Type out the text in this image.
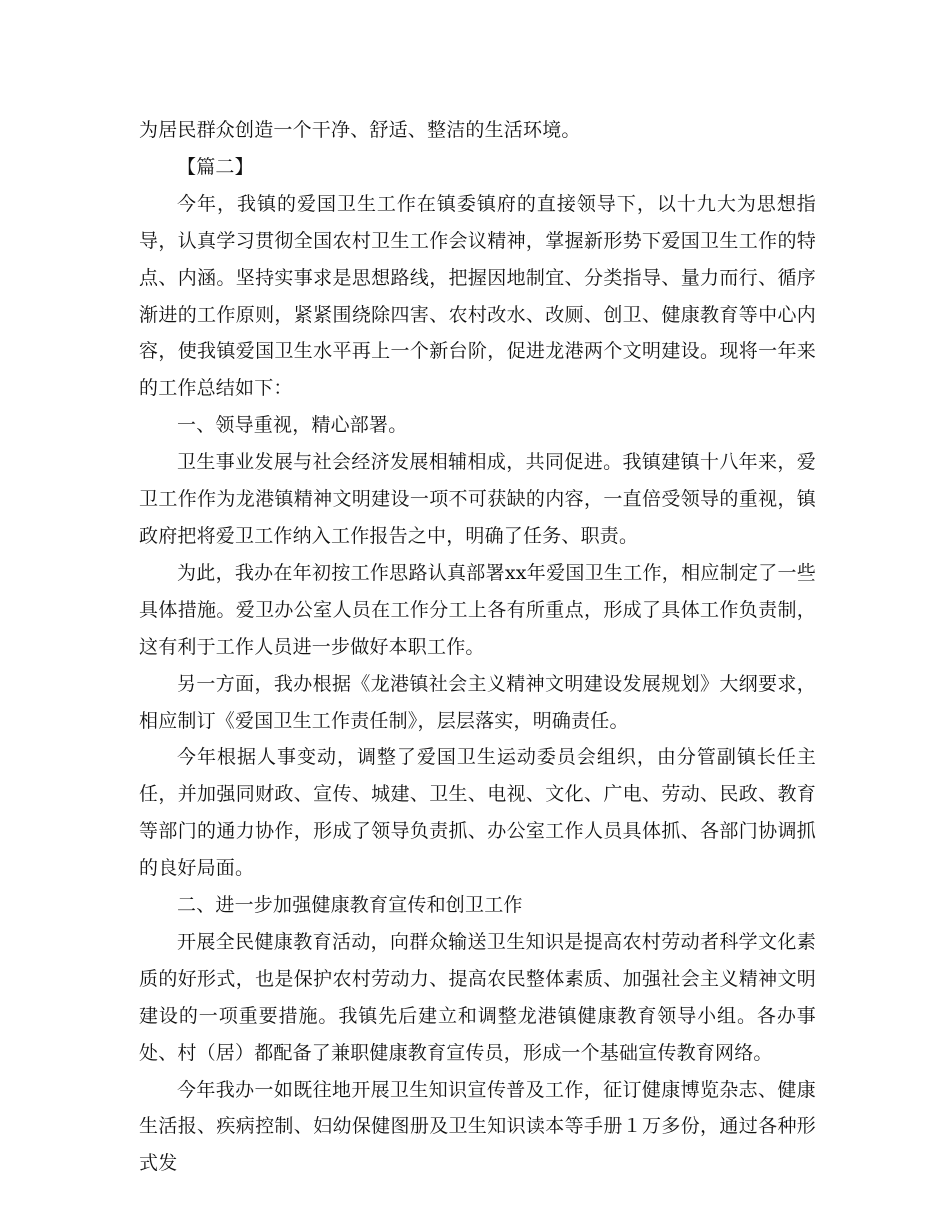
为居民群众创造一个干净、舒适、整洁的生活环境。

【篇二】

今年，我镇的爱国卫生工作在镇委镇府的直接领导下，以十九大为思想指导，认真学习贯彻全国农村卫生工作会议精神，掌握新形势下爱国卫生工作的特点、内涵。坚持实事求是思想路线，把握因地制宜、分类指导、量力而行、循序渐进的工作原则，紧紧围绕除四害、农村改水、改厕、创卫、健康教育等中心内容，使我镇爱国卫生水平再上一个新台阶，促进龙港两个文明建设。现将一年来的工作总结如下：

一、领导重视，精心部署。

卫生事业发展与社会经济发展相辅相成，共同促进。我镇建镇十八年来，爱卫工作作为龙港镇精神文明建设一项不可获缺的内容，一直倍受领导的重视，镇政府把将爱卫工作纳入工作报告之中，明确了任务、职责。

为此，我办在年初按工作思路认真部署xx年爱国卫生工作，相应制定了一些具体措施。爱卫办公室人员在工作分工上各有所重点，形成了具体工作负责制，这有利于工作人员进一步做好本职工作。

另一方面，我办根据《龙港镇社会主义精神文明建设发展规划》大纲要求，相应制订《爱国卫生工作责任制》，层层落实，明确责任。

今年根据人事变动，调整了爱国卫生运动委员会组织，由分管副镇长任主任，并加强同财政、宣传、城建、卫生、电视、文化、广电、劳动、民政、教育等部门的通力协作，形成了领导负责抓、办公室工作人员具体抓、各部门协调抓的良好局面。

二、进一步加强健康教育宣传和创卫工作

开展全民健康教育活动，向群众输送卫生知识是提高农村劳动者科学文化素质的好形式，也是保护农村劳动力、提高农民整体素质、加强社会主义精神文明建设的一项重要措施。我镇先后建立和调整龙港镇健康教育领导小组。各办事处、村（居）都配备了兼职健康教育宣传员，形成一个基础宣传教育网络。

今年我办一如既往地开展卫生知识宣传普及工作，征订健康博览杂志、健康生活报、疾病控制、妇幼保健图册及卫生知识读本等手册１万多份，通过各种形式发
